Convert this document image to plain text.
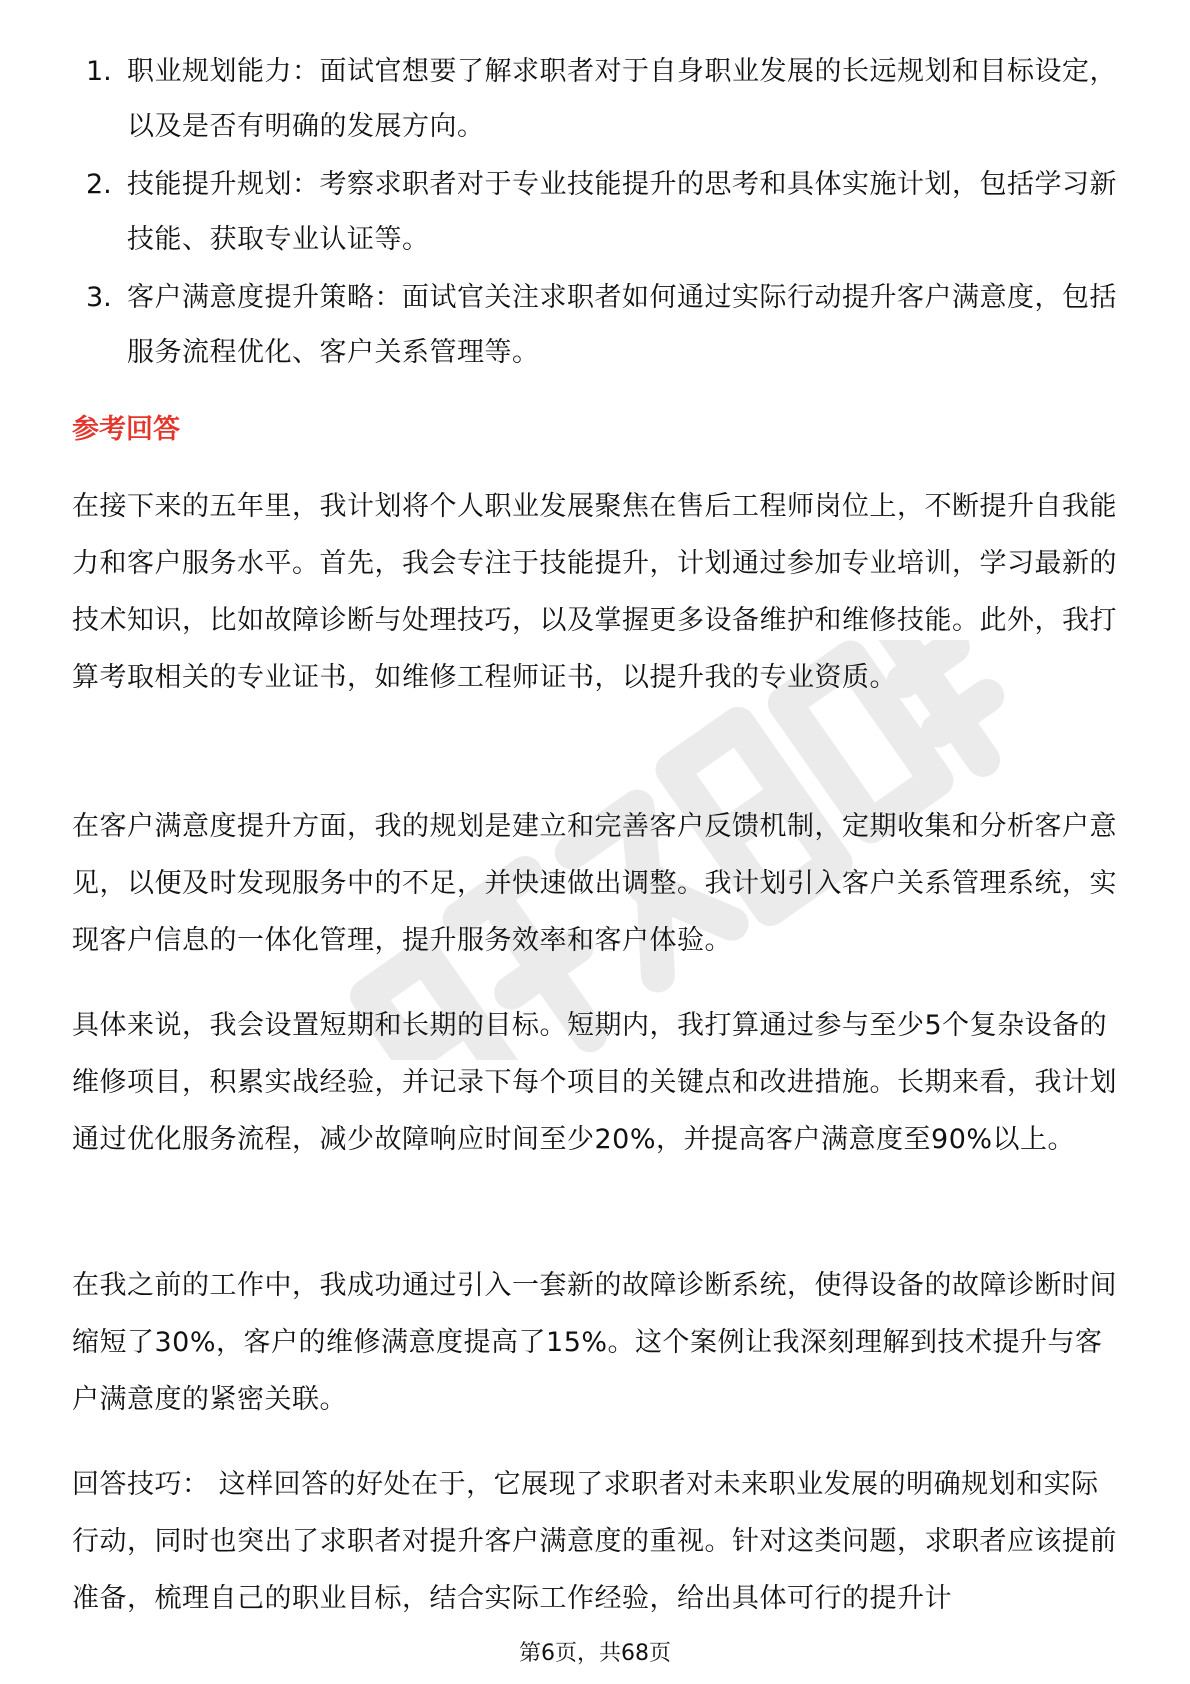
1. 职业规划能力：面试官想要了解求职者对于自身职业发展的长远规划和目标设定，以及是否有明确的发展方向。
2. 技能提升规划：考察求职者对于专业技能提升的思考和具体实施计划，包括学习新技能、获取专业认证等。
3. 客户满意度提升策略：面试官关注求职者如何通过实际行动提升客户满意度，包括服务流程优化、客户关系管理等。
参考回答

在接下来的五年里，我计划将个人职业发展聚焦在售后工程师岗位上，不断提升自我能力和客户服务水平。首先，我会专注于技能提升，计划通过参加专业培训，学习最新的技术知识，比如故障诊断与处理技巧，以及掌握更多设备维护和维修技能。此外，我打算考取相关的专业证书，如维修工程师证书，以提升我的专业资质。

在客户满意度提升方面，我的规划是建立和完善客户反馈机制，定期收集和分析客户意见，以便及时发现服务中的不足，并快速做出调整。我计划引入客户关系管理系统，实现客户信息的一体化管理，提升服务效率和客户体验。

具体来说，我会设置短期和长期的目标。短期内，我打算通过参与至少5个复杂设备的维修项目，积累实战经验，并记录下每个项目的关键点和改进措施。长期来看，我计划通过优化服务流程，减少故障响应时间至少20%，并提高客户满意度至90%以上。

在我之前的工作中，我成功通过引入一套新的故障诊断系统，使得设备的故障诊断时间缩短了30%，客户的维修满意度提高了15%。这个案例让我深刻理解到技术提升与客户满意度的紧密关联。

回答技巧： 这样回答的好处在于，它展现了求职者对未来职业发展的明确规划和实际行动，同时也突出了求职者对提升客户满意度的重视。针对这类问题，求职者应该提前准备，梳理自己的职业目标，结合实际工作经验，给出具体可行的提升计

第6页，共68页
